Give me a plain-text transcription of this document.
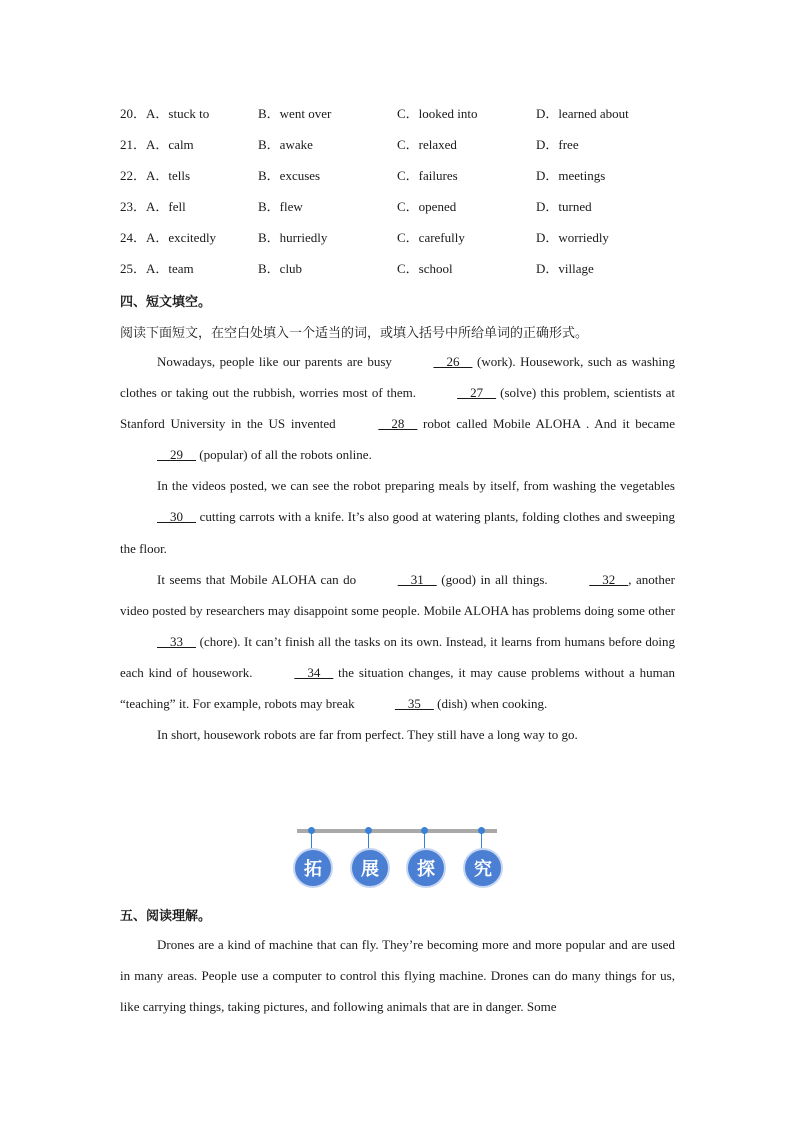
20．A．stuck to	B．went over	C．looked into	D．learned about
21．A．calm	B．awake	C．relaxed	D．free
22．A．tells	B．excuses	C．failures	D．meetings
23．A．fell	B．flew	C．opened	D．turned
24．A．excitedly	B．hurriedly	C．carefully	D．worriedly
25．A．team	B．club	C．school	D．village
四、短文填空。
阅读下面短文，在空白处填入一个适当的词，或填入括号中所给单词的正确形式。

Nowadays, people like our parents are busy	26     (work). Housework, such as washing clothes or taking out the rubbish, worries most of them.	27     (solve) this problem, scientists at Stanford University in the US invented	28     robot called Mobile ALOHA . And it became     29     (popular) of all the robots online.

In the videos posted, we can see the robot preparing meals by itself, from washing the vegetables     30     cutting carrots with a knife. It’s also good at watering plants, folding clothes and sweeping the floor.

It seems that Mobile ALOHA can do	31     (good) in all things.	32    , another video posted by researchers may disappoint some people. Mobile ALOHA has problems doing some other     33     (chore). It can’t finish all the tasks on its own. Instead, it learns from humans before doing each kind of housework.	34     the situation changes, it may cause problems without a human “teaching” it. For example, robots may break	35     (dish) when cooking.

In short, housework robots are far from perfect. They still have a long way to go.

拓	展	探	究
五、阅读理解。

Drones are a kind of machine that can fly. They’re becoming more and more popular and are used in many areas. People use a computer to control this flying machine. Drones can do many things for us, like carrying things, taking pictures, and following animals that are in danger. Some
